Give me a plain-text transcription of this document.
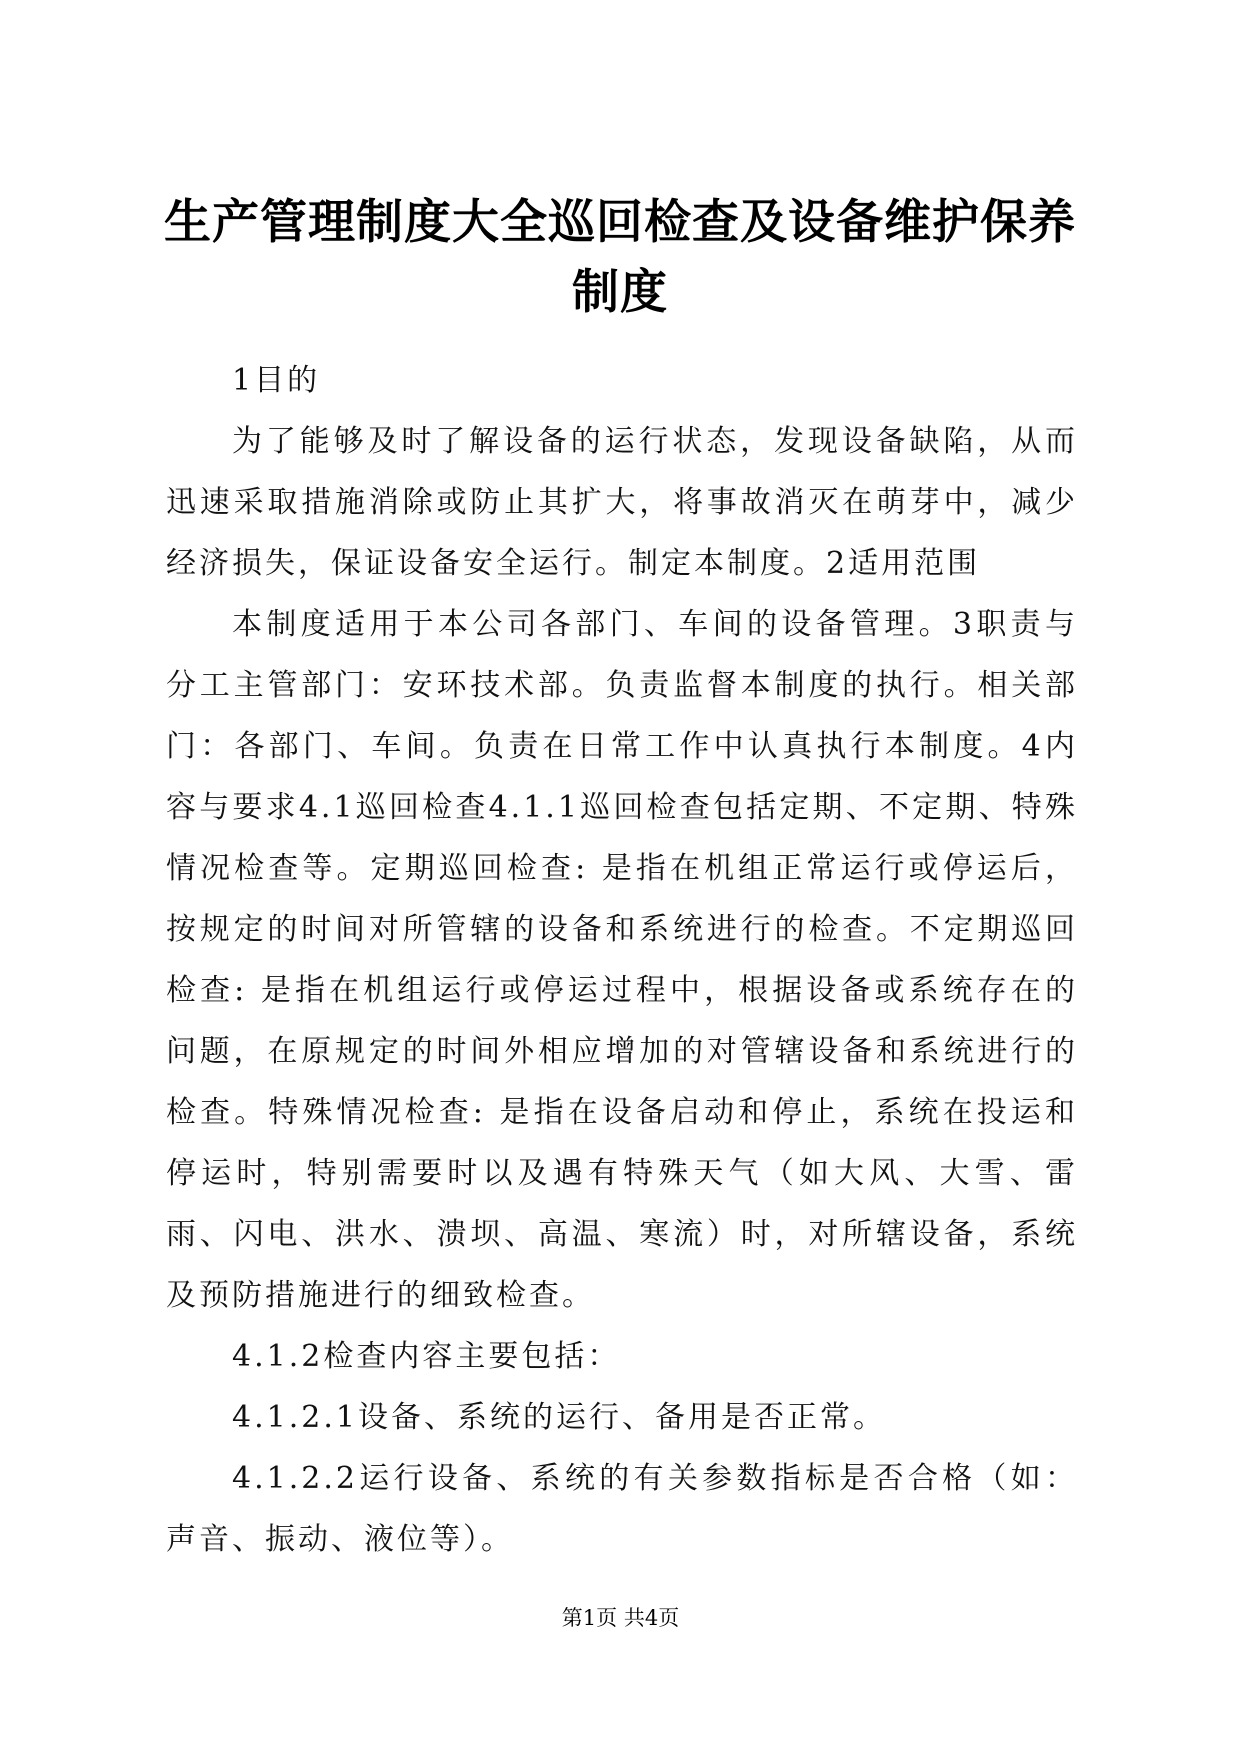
生产管理制度大全巡回检查及设备维护保养制度

1目的

为了能够及时了解设备的运行状态，发现设备缺陷，从而迅速采取措施消除或防止其扩大，将事故消灭在萌芽中，减少经济损失，保证设备安全运行。制定本制度。2适用范围

本制度适用于本公司各部门、车间的设备管理。3职责与分工主管部门：安环技术部。负责监督本制度的执行。相关部门：各部门、车间。负责在日常工作中认真执行本制度。4内容与要求4.1巡回检查4.1.1巡回检查包括定期、不定期、特殊情况检查等。定期巡回检查: 是指在机组正常运行或停运后，按规定的时间对所管辖的设备和系统进行的检查。不定期巡回检查: 是指在机组运行或停运过程中，根据设备或系统存在的问题，在原规定的时间外相应增加的对管辖设备和系统进行的检查。特殊情况检查: 是指在设备启动和停止，系统在投运和停运时，特别需要时以及遇有特殊天气（如大风、大雪、雷雨、闪电、洪水、溃坝、高温、寒流）时，对所辖设备，系统及预防措施进行的细致检查。

4.1.2检查内容主要包括：

4.1.2.1设备、系统的运行、备用是否正常。

4.1.2.2运行设备、系统的有关参数指标是否合格（如：声音、振动、液位等）。

第1页 共4页
